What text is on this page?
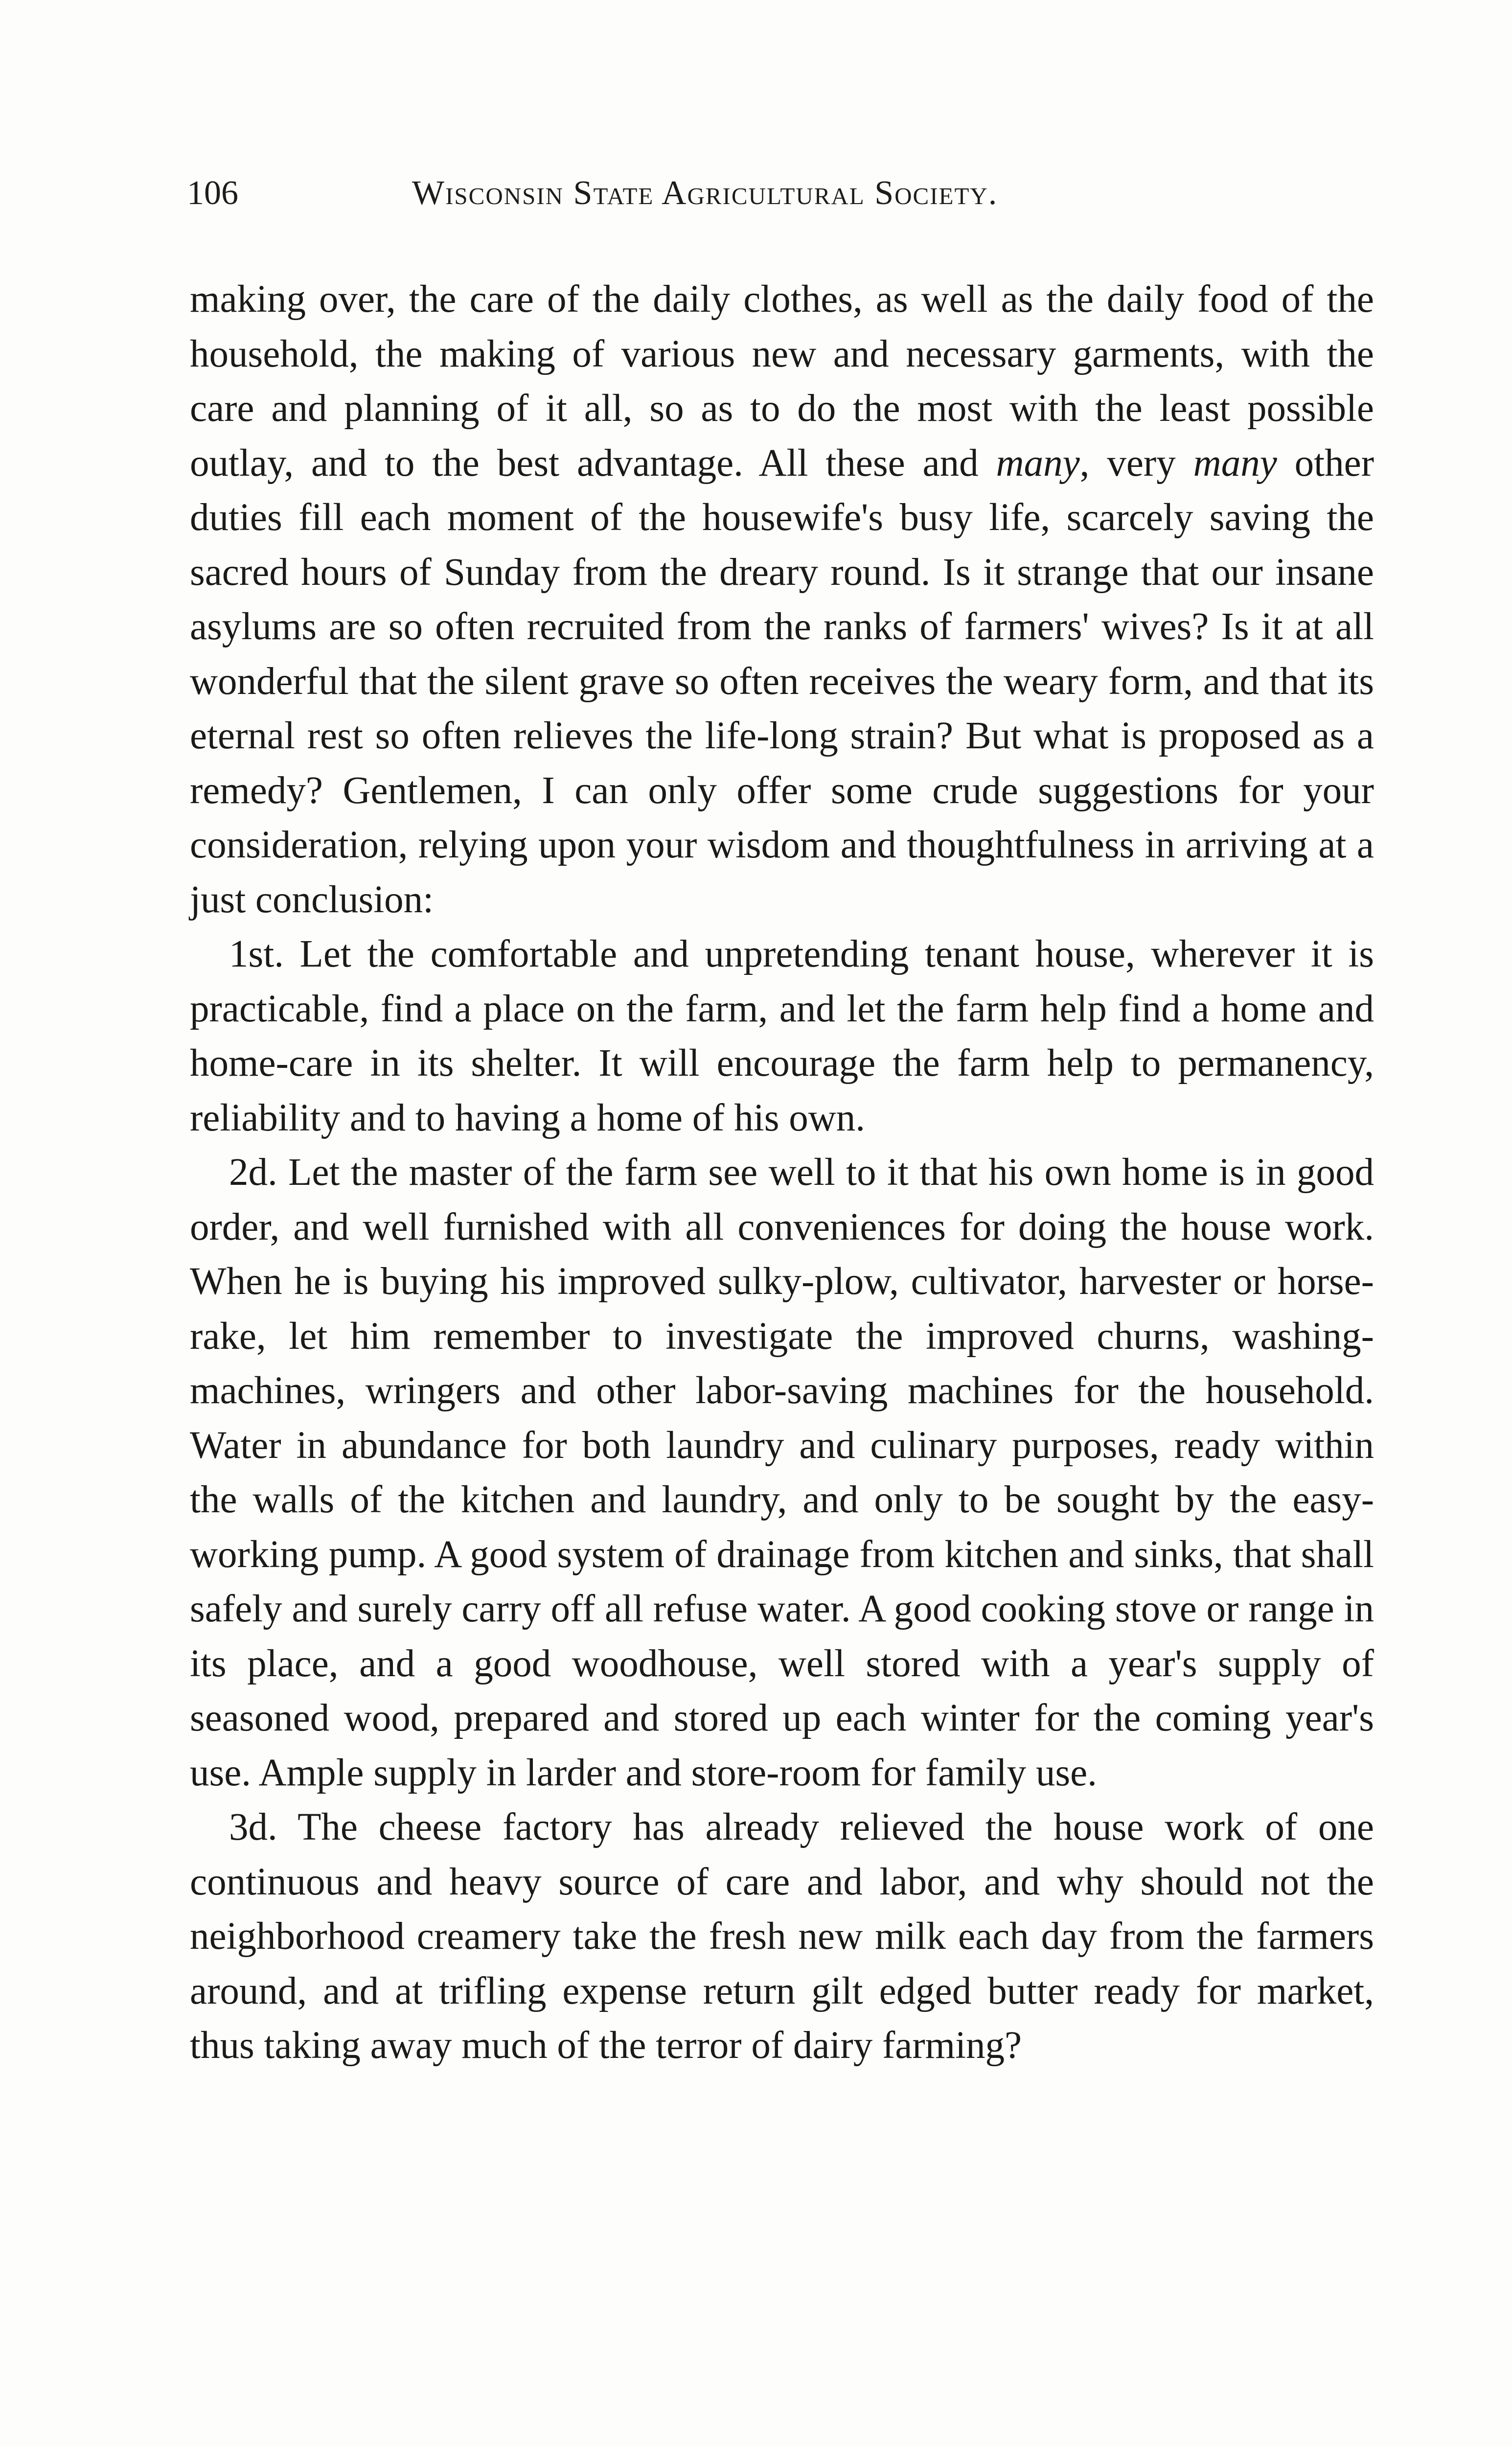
106	Wisconsin State Agricultural Society.

making over, the care of the daily clothes, as well as the daily food of the household, the making of various new and necessary garments, with the care and planning of it all, so as to do the most with the least possible outlay, and to the best advantage. All these and many, very many other duties fill each moment of the housewife's busy life, scarcely saving the sacred hours of Sunday from the dreary round. Is it strange that our insane asylums are so often recruited from the ranks of farmers' wives? Is it at all wonderful that the silent grave so often receives the weary form, and that its eternal rest so often relieves the life-long strain? But what is proposed as a remedy? Gentlemen, I can only offer some crude suggestions for your consideration, relying upon your wisdom and thoughtfulness in arriving at a just conclusion:

1st. Let the comfortable and unpretending tenant house, wherever it is practicable, find a place on the farm, and let the farm help find a home and home-care in its shelter. It will encourage the farm help to permanency, reliability and to having a home of his own.

2d. Let the master of the farm see well to it that his own home is in good order, and well furnished with all conveniences for doing the house work. When he is buying his improved sulky-plow, cultivator, harvester or horse-rake, let him remember to investigate the improved churns, washing-machines, wringers and other labor-saving machines for the household. Water in abundance for both laundry and culinary purposes, ready within the walls of the kitchen and laundry, and only to be sought by the easy-working pump. A good system of drainage from kitchen and sinks, that shall safely and surely carry off all refuse water. A good cooking stove or range in its place, and a good woodhouse, well stored with a year's supply of seasoned wood, prepared and stored up each winter for the coming year's use. Ample supply in larder and store-room for family use.

3d. The cheese factory has already relieved the house work of one continuous and heavy source of care and labor, and why should not the neighborhood creamery take the fresh new milk each day from the farmers around, and at trifling expense return gilt edged butter ready for market, thus taking away much of the terror of dairy farming?
